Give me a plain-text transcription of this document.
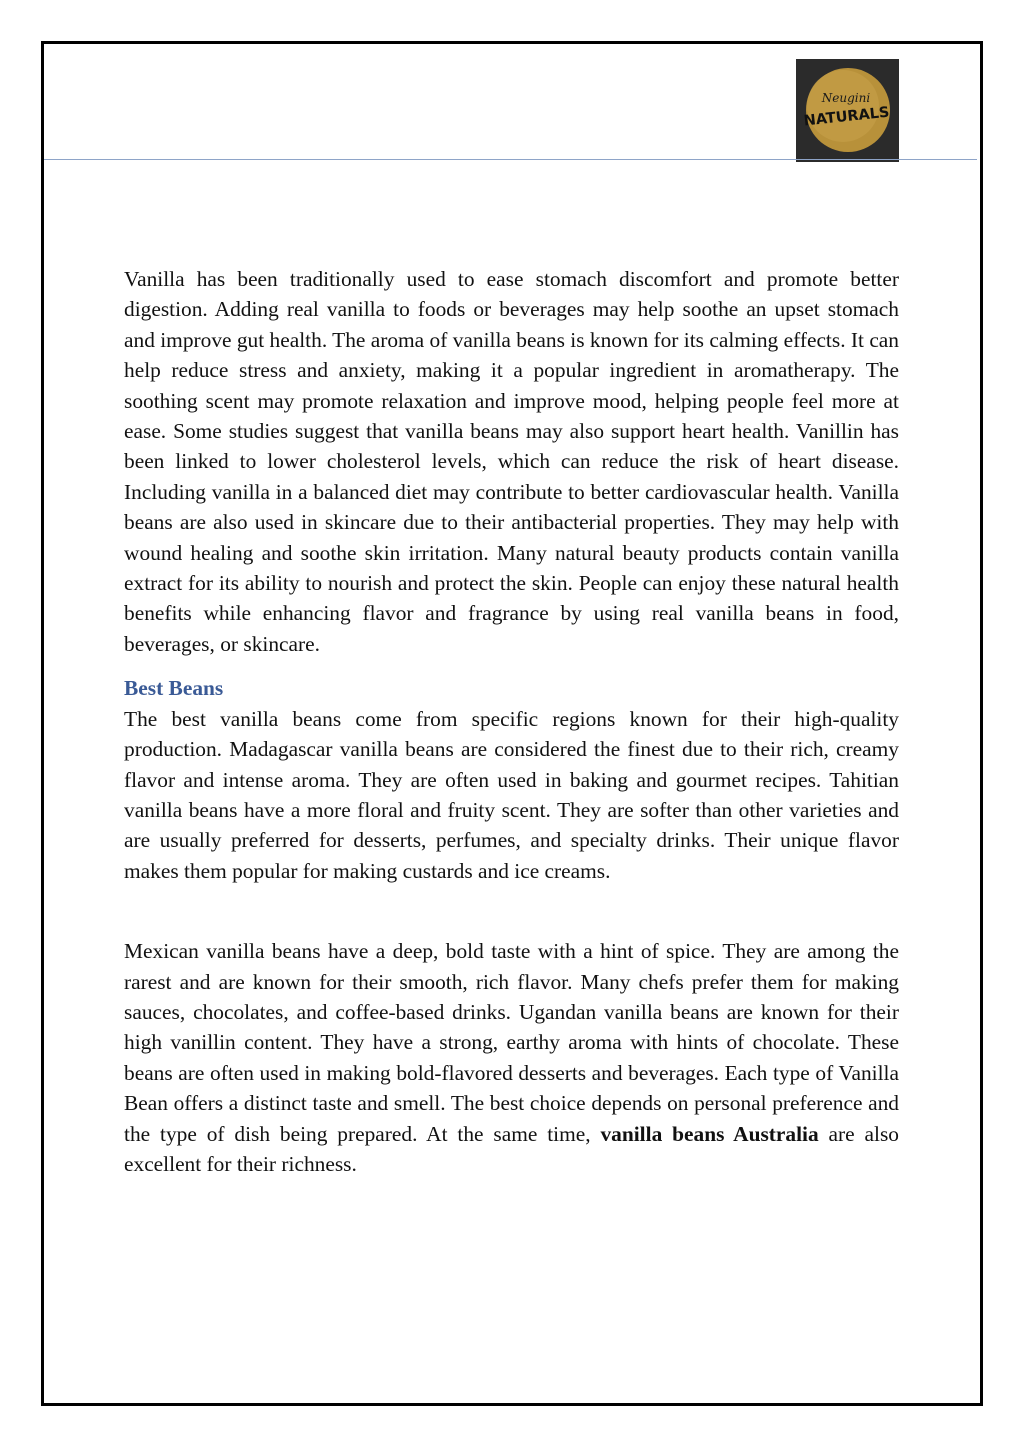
Neugini
NATURALS

Vanilla has been traditionally used to ease stomach discomfort and promote better digestion. Adding real vanilla to foods or beverages may help soothe an upset stomach and improve gut health. The aroma of vanilla beans is known for its calming effects. It can help reduce stress and anxiety, making it a popular ingredient in aromatherapy. The soothing scent may promote relaxation and improve mood, helping people feel more at ease. Some studies suggest that vanilla beans may also support heart health. Vanillin has been linked to lower cholesterol levels, which can reduce the risk of heart disease. Including vanilla in a balanced diet may contribute to better cardiovascular health. Vanilla beans are also used in skincare due to their antibacterial properties. They may help with wound healing and soothe skin irritation. Many natural beauty products contain vanilla extract for its ability to nourish and protect the skin. People can enjoy these natural health benefits while enhancing flavor and fragrance by using real vanilla beans in food, beverages, or skincare.

Best Beans

The best vanilla beans come from specific regions known for their high-quality production. Madagascar vanilla beans are considered the finest due to their rich, creamy flavor and intense aroma. They are often used in baking and gourmet recipes. Tahitian vanilla beans have a more floral and fruity scent. They are softer than other varieties and are usually preferred for desserts, perfumes, and specialty drinks. Their unique flavor makes them popular for making custards and ice creams.

Mexican vanilla beans have a deep, bold taste with a hint of spice. They are among the rarest and are known for their smooth, rich flavor. Many chefs prefer them for making sauces, chocolates, and coffee-based drinks. Ugandan vanilla beans are known for their high vanillin content. They have a strong, earthy aroma with hints of chocolate. These beans are often used in making bold-flavored desserts and beverages. Each type of Vanilla Bean offers a distinct taste and smell. The best choice depends on personal preference and the type of dish being prepared. At the same time, vanilla beans Australia are also excellent for their richness.
